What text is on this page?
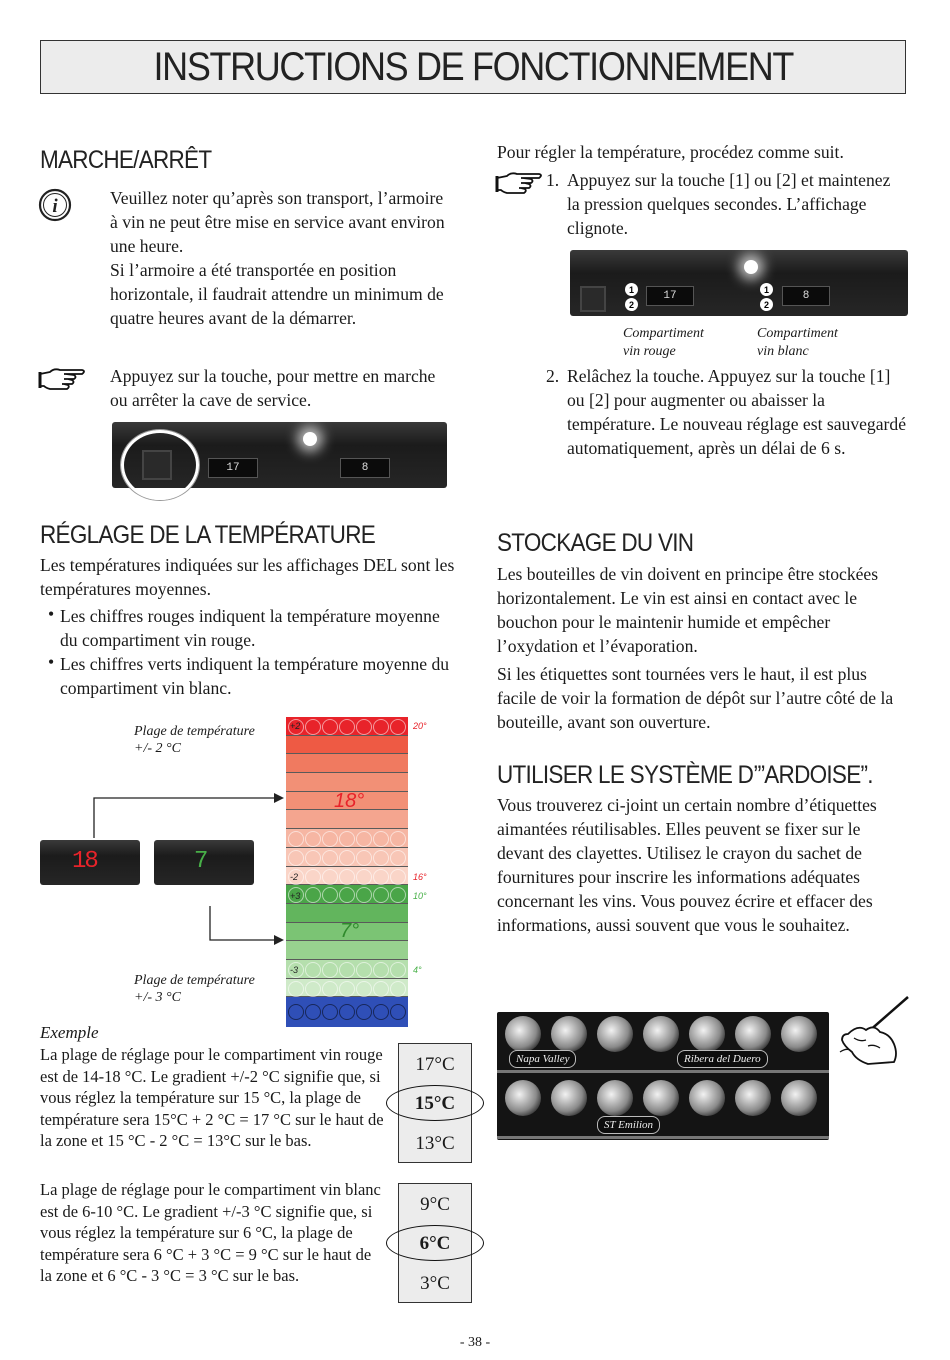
INSTRUCTIONS DE FONCTIONNEMENT
MARCHE/ARRÊT
i	Veuillez noter qu’après son transport, l’armoire à vin ne peut être mise en service avant environ une heure.

Si l’armoire a été transportée en position horizontale, il faudrait attendre un minimum de quatre heures avant de la démarrer.

Appuyez sur la touche, pour mettre en marche ou arrêter la cave de service.

17	8
RÉGLAGE DE LA TEMPÉRATURE

Les températures indiquées sur les affichages DEL sont les températures moyennes.

• Les chiffres rouges indiquent la température moyenne du compartiment vin rouge.

• Les chiffres verts indiquent la température moyenne du compartiment vin blanc.

Plage de température
+/- 2 °C
Plage de température
+/- 3 °C
18	7
+2	20°
18°
-2	16°
+3	10°
7°
-3	4°
Exemple

La plage de réglage pour le compartiment vin rouge est de 14-18 °C. Le gradient +/-2 °C signifie que, si vous réglez la température sur 15 °C, la plage de température sera 15°C + 2 °C = 17 °C sur le haut de la zone et 15 °C - 2 °C = 13°C sur le bas.

La plage de réglage pour le compartiment vin blanc est de 6-10 °C. Le gradient +/-3 °C signifie que, si vous réglez la température sur 6 °C, la plage de température sera 6 °C + 3 °C = 9 °C sur le haut de la zone et 6 °C - 3 °C = 3 °C sur le bas.

17°C
15°C
13°C
9°C
6°C
3°C

Pour régler la température, procédez comme suit.

1. Appuyez sur la touche [1] ou [2] et maintenez la pression quelques secondes. L’affichage clignote.

1
2
17
1
2
8
Compartiment
vin rouge
Compartiment
vin blanc
2. Relâchez la touche. Appuyez sur la touche [1] ou [2] pour augmenter ou abaisser la température. Le nouveau réglage est sauvegardé automatiquement, après un délai de 6 s.

STOCKAGE DU VIN

Les bouteilles de vin doivent en principe être stockées horizontalement. Le vin est ainsi en contact avec le bouchon pour le maintenir humide et empêcher l’oxydation et l’évaporation.

Si les étiquettes sont tournées vers le haut, il est plus facile de voir la formation de dépôt sur l’autre côté de la bouteille, avant son ouverture.

UTILISER LE SYSTÈME D’”ARDOISE”.

Vous trouverez ci-joint un certain nombre d’étiquettes aimantées réutilisables. Elles peuvent se fixer sur le devant des clayettes. Utilisez le crayon du sachet de fournitures pour inscrire les informations adéquates concernant les vins. Vous pouvez écrire et effacer des informations, aussi souvent que vous le souhaitez.

Napa Valley	Ribera del Duero
ST Emilion
- 38 -
